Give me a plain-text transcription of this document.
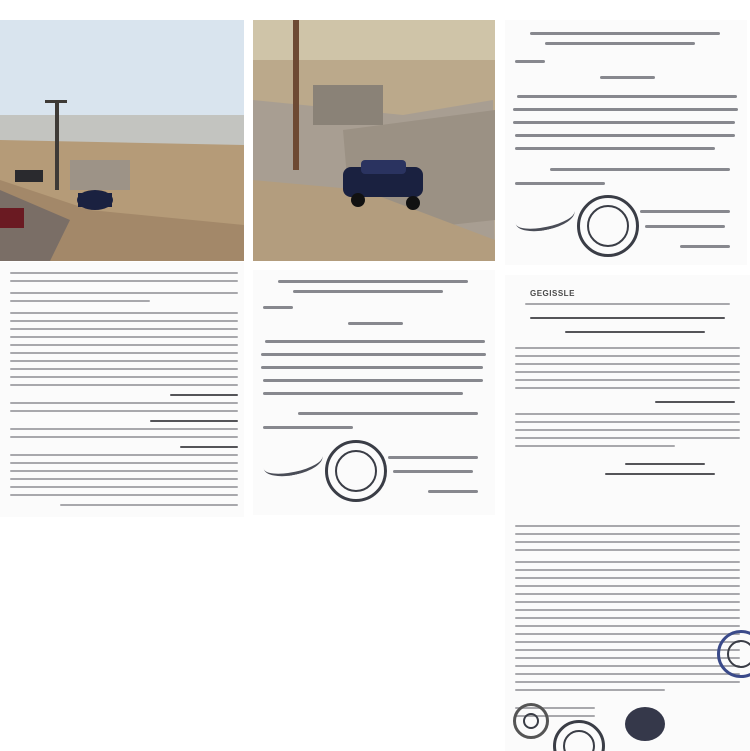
GEGISSLE
